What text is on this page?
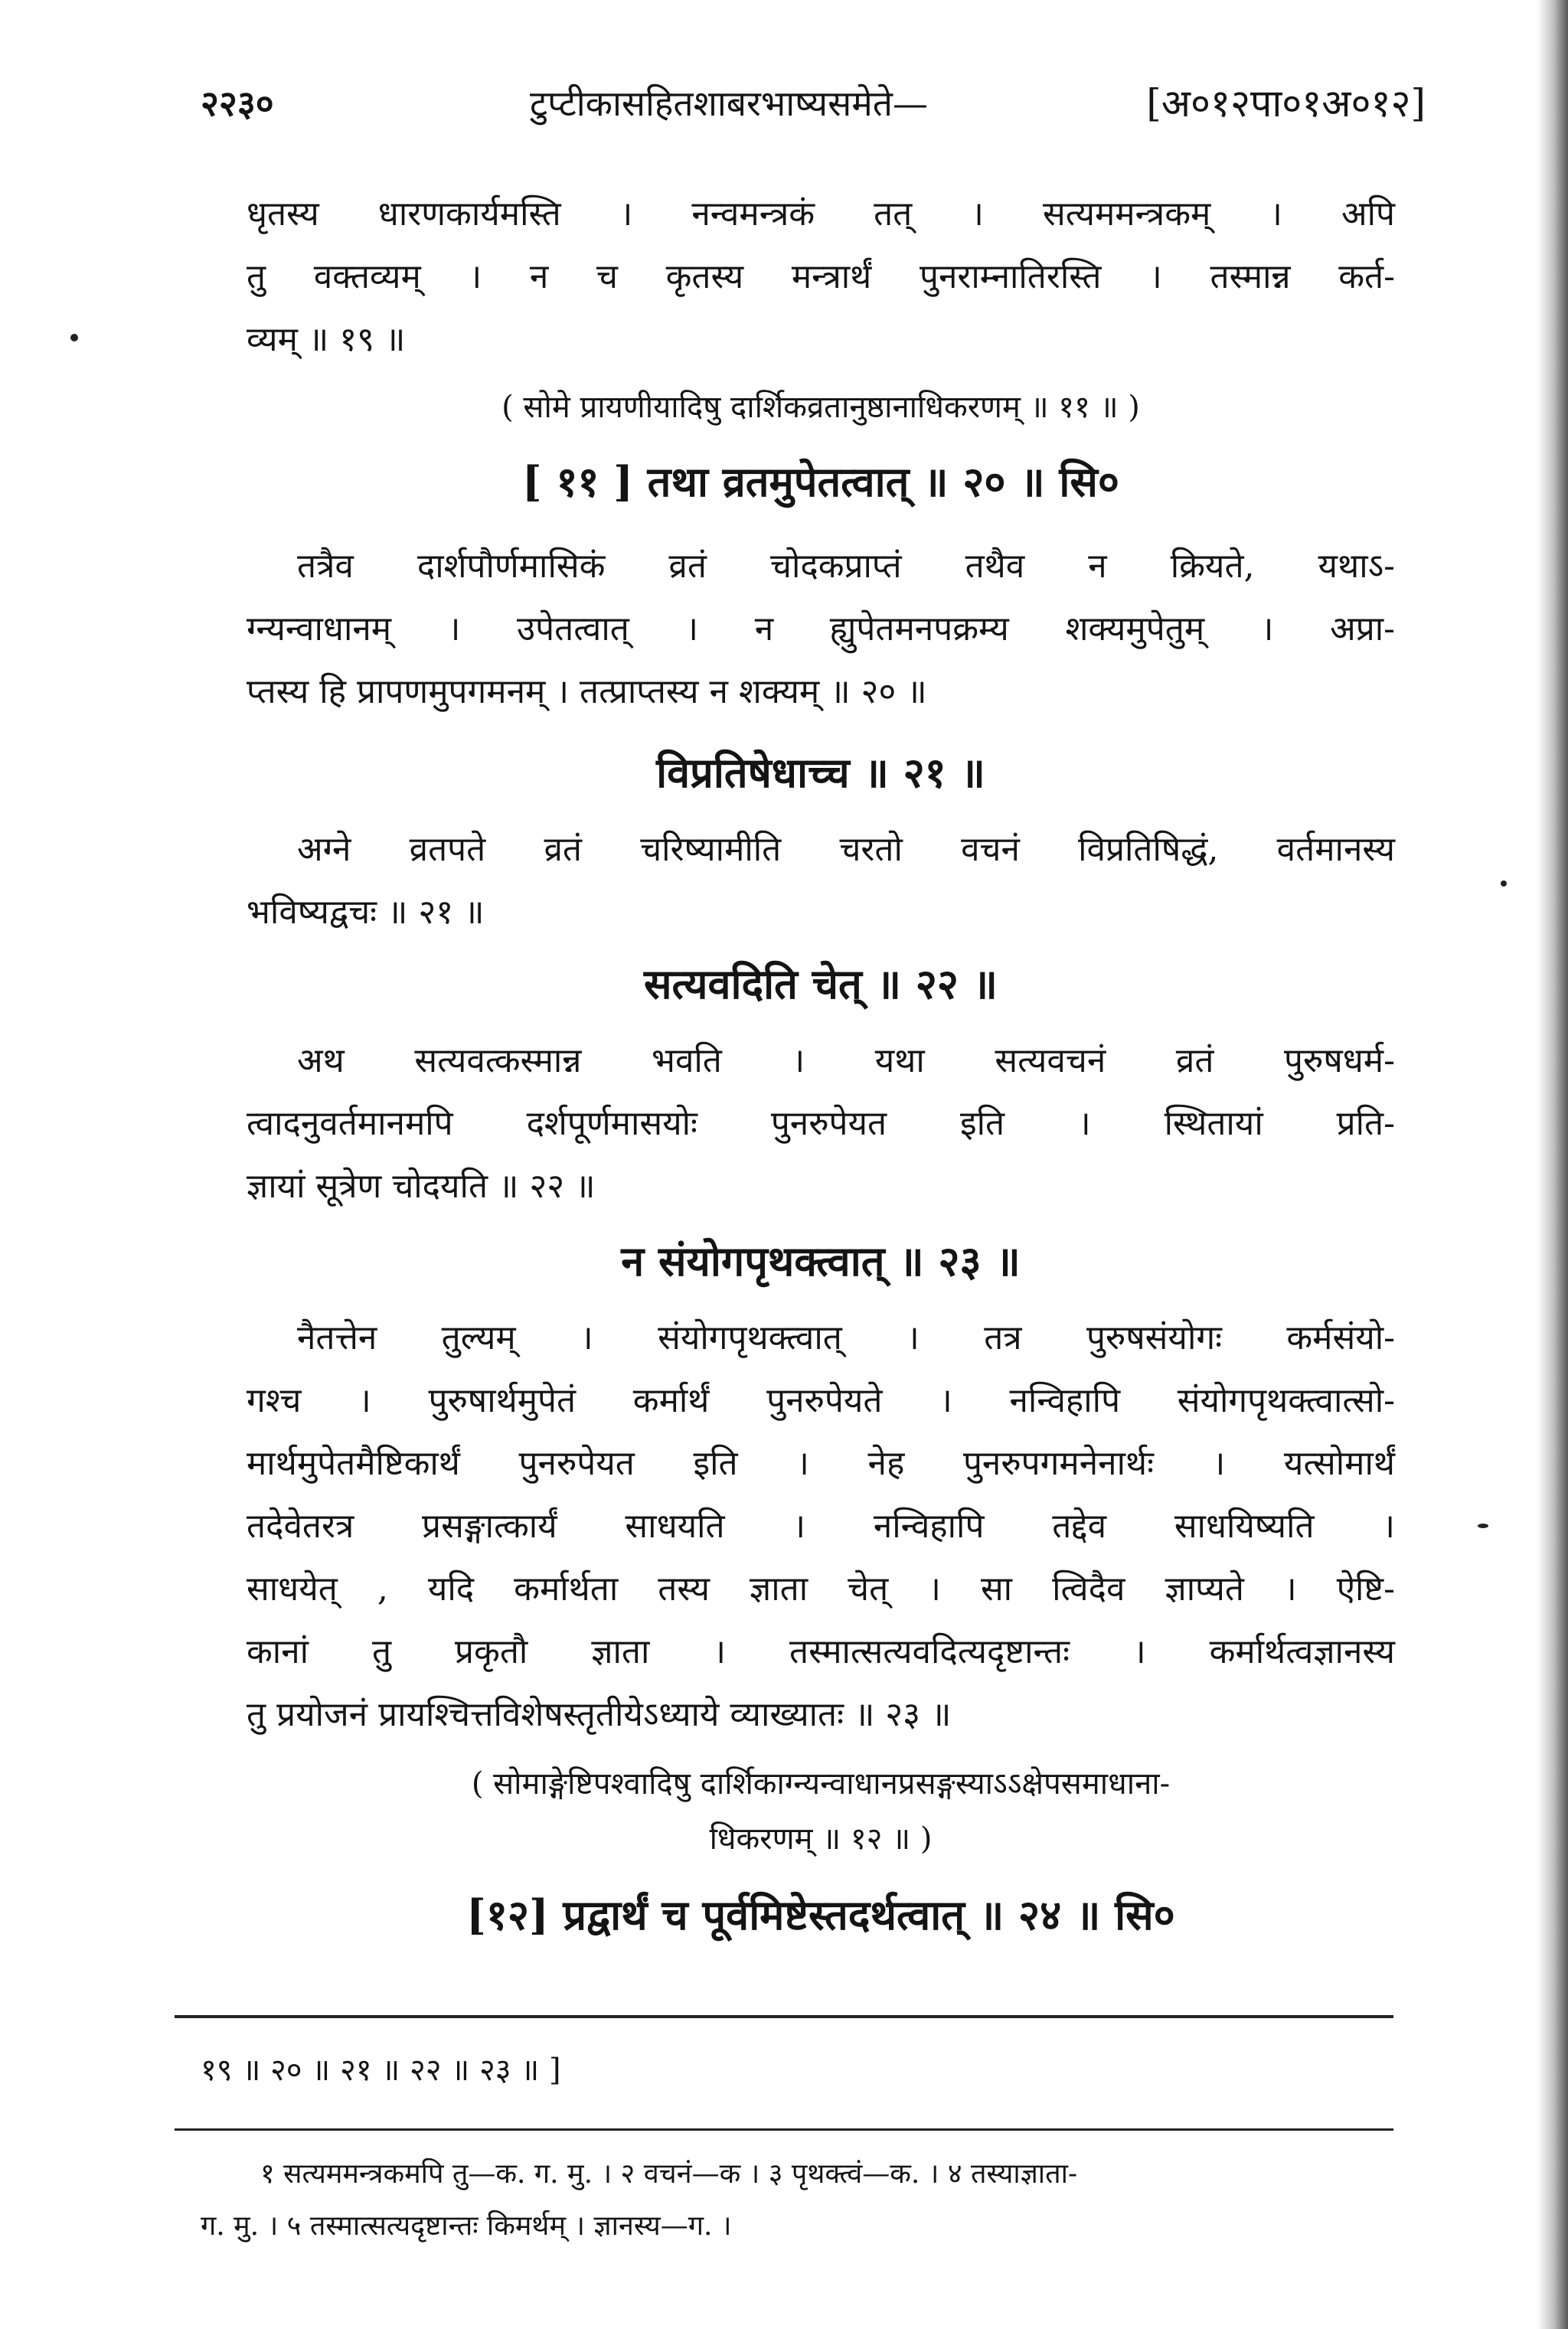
२२३०	टुप्टीकासहितशाबरभाष्यसमेते—	[अ०१२पा०१अ०१२]
धृतस्य धारणकार्यमस्ति । नन्वमन्त्रकं तत् । सत्यममन्त्रकम् । अपि
तु वक्तव्यम् । न च कृतस्य मन्त्रार्थं पुनराम्नातिरस्ति । तस्मान्न कर्त-
व्यम् ॥ १९ ॥
( सोमे प्रायणीयादिषु दार्शिकव्रतानुष्ठानाधिकरणम् ॥ ११ ॥ )
[ ११ ] तथा व्रतमुपेतत्वात् ॥ २० ॥ सि०
तत्रैव दार्शपौर्णमासिकं व्रतं चोदकप्राप्तं तथैव न क्रियते, यथाऽ-
ग्न्यन्वाधानम् । उपेतत्वात् । न ह्युपेतमनपक्रम्य शक्यमुपेतुम् । अप्रा-
प्तस्य हि प्रापणमुपगमनम् । तत्प्राप्तस्य न शक्यम् ॥ २० ॥
विप्रतिषेधाच्च ॥ २१ ॥
अग्ने व्रतपते व्रतं चरिष्यामीति चरतो वचनं विप्रतिषिद्धं, वर्तमानस्य
भविष्यद्वचः ॥ २१ ॥
सत्यवदिति चेत् ॥ २२ ॥
अथ सत्यवत्कस्मान्न भवति । यथा सत्यवचनं व्रतं पुरुषधर्म-
त्वादनुवर्तमानमपि दर्शपूर्णमासयोः पुनरुपेयत इति । स्थितायां प्रति-
ज्ञायां सूत्रेण चोदयति ॥ २२ ॥
न संयोगपृथक्त्वात् ॥ २३ ॥
नैतत्तेन तुल्यम् । संयोगपृथक्त्वात् । तत्र पुरुषसंयोगः कर्मसंयो-
गश्च । पुरुषार्थमुपेतं कर्मार्थं पुनरुपेयते । नन्विहापि संयोगपृथक्त्वात्सो-
मार्थमुपेतमैष्टिकार्थं पुनरुपेयत इति । नेह पुनरुपगमनेनार्थः । यत्सोमार्थं
तदेवेतरत्र प्रसङ्गात्कार्यं साधयति । नन्विहापि तद्देव साधयिष्यति ।
साधयेत् , यदि कर्मार्थता तस्य ज्ञाता चेत् । सा त्विदैव ज्ञाप्यते । ऐष्टि-
कानां तु प्रकृतौ ज्ञाता । तस्मात्सत्यवदित्यदृष्टान्तः । कर्मार्थत्वज्ञानस्य
तु प्रयोजनं प्रायश्चित्तविशेषस्तृतीयेऽध्याये व्याख्यातः ॥ २३ ॥
( सोमाङ्गेष्टिपश्वादिषु दार्शिकाग्न्यन्वाधानप्रसङ्गस्याऽऽक्षेपसमाधाना-
धिकरणम् ॥ १२ ॥ )
[१२] प्रद्वार्थं च पूर्वमिष्टेस्तदर्थत्वात् ॥ २४ ॥ सि०
१९ ॥ २० ॥ २१ ॥ २२ ॥ २३ ॥ ]
१ सत्यममन्त्रकमपि तु—क. ग. मु. । २ वचनं—क । ३ पृथक्त्वं—क. । ४ तस्याज्ञाता-
ग. मु. । ५ तस्मात्सत्यदृष्टान्तः किमर्थम् । ज्ञानस्य—ग. ।
